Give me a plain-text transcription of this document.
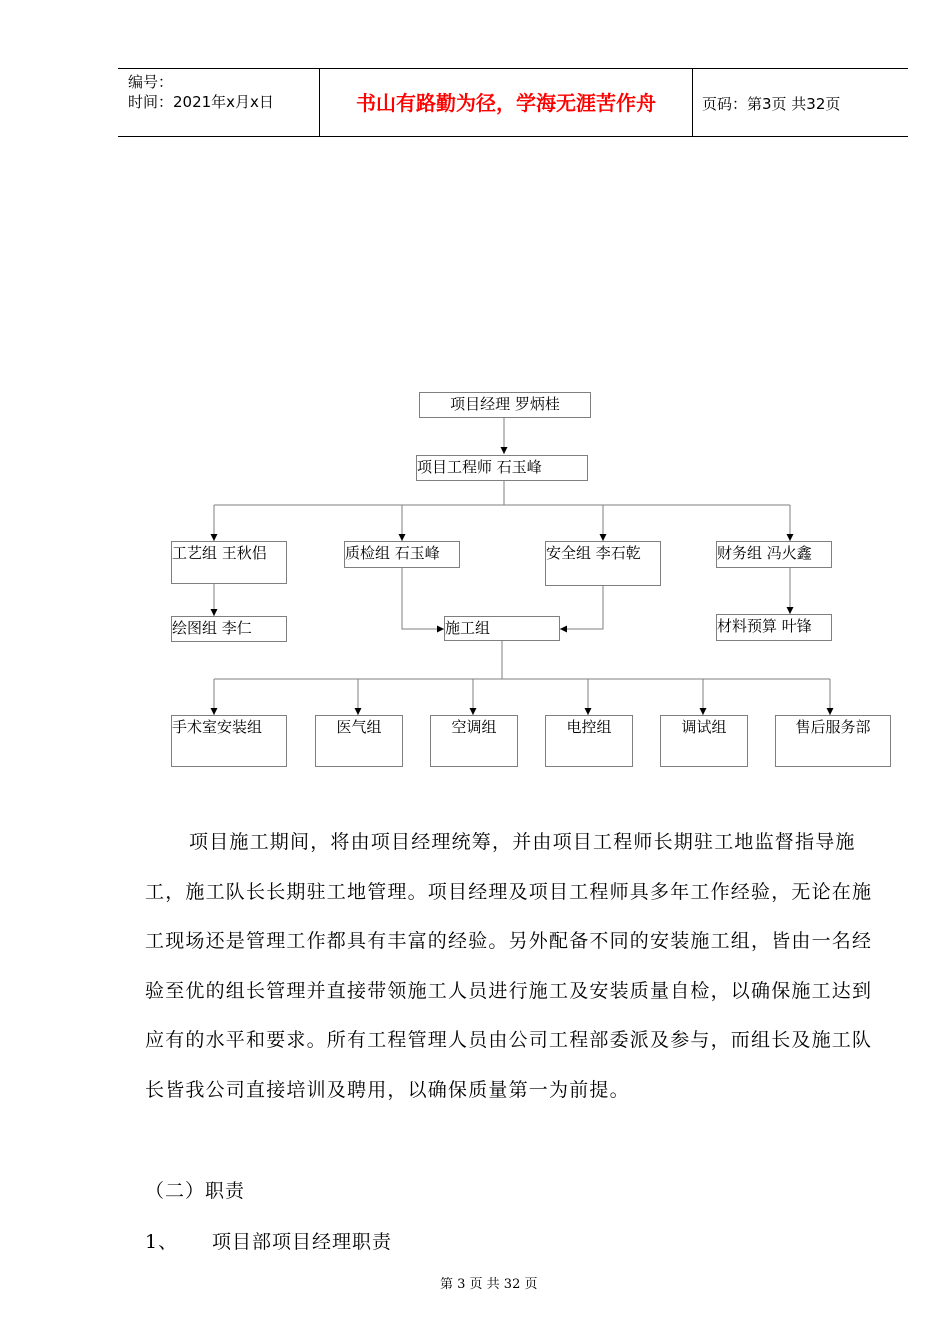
编号：
时间：2021年x月x日	书山有路勤为径，学海无涯苦作舟	页码：第3页 共32页
项目经理 罗炳桂
项目工程师 石玉峰
工艺组 王秋侣	质检组 石玉峰	安全组 李石乾	财务组 冯火鑫
绘图组 李仁	施工组	材料预算 叶锋
手术室安装组	医气组	空调组	电控组	调试组	售后服务部

项目施工期间，将由项目经理统筹，并由项目工程师长期驻工地监督指导施工，施工队长长期驻工地管理。项目经理及项目工程师具多年工作经验，无论在施工现场还是管理工作都具有丰富的经验。另外配备不同的安装施工组，皆由一名经验至优的组长管理并直接带领施工人员进行施工及安装质量自检，以确保施工达到应有的水平和要求。所有工程管理人员由公司工程部委派及参与，而组长及施工队长皆我公司直接培训及聘用，以确保质量第一为前提。

（二）职责
1、 项目部项目经理职责
第 3 页 共 32 页
